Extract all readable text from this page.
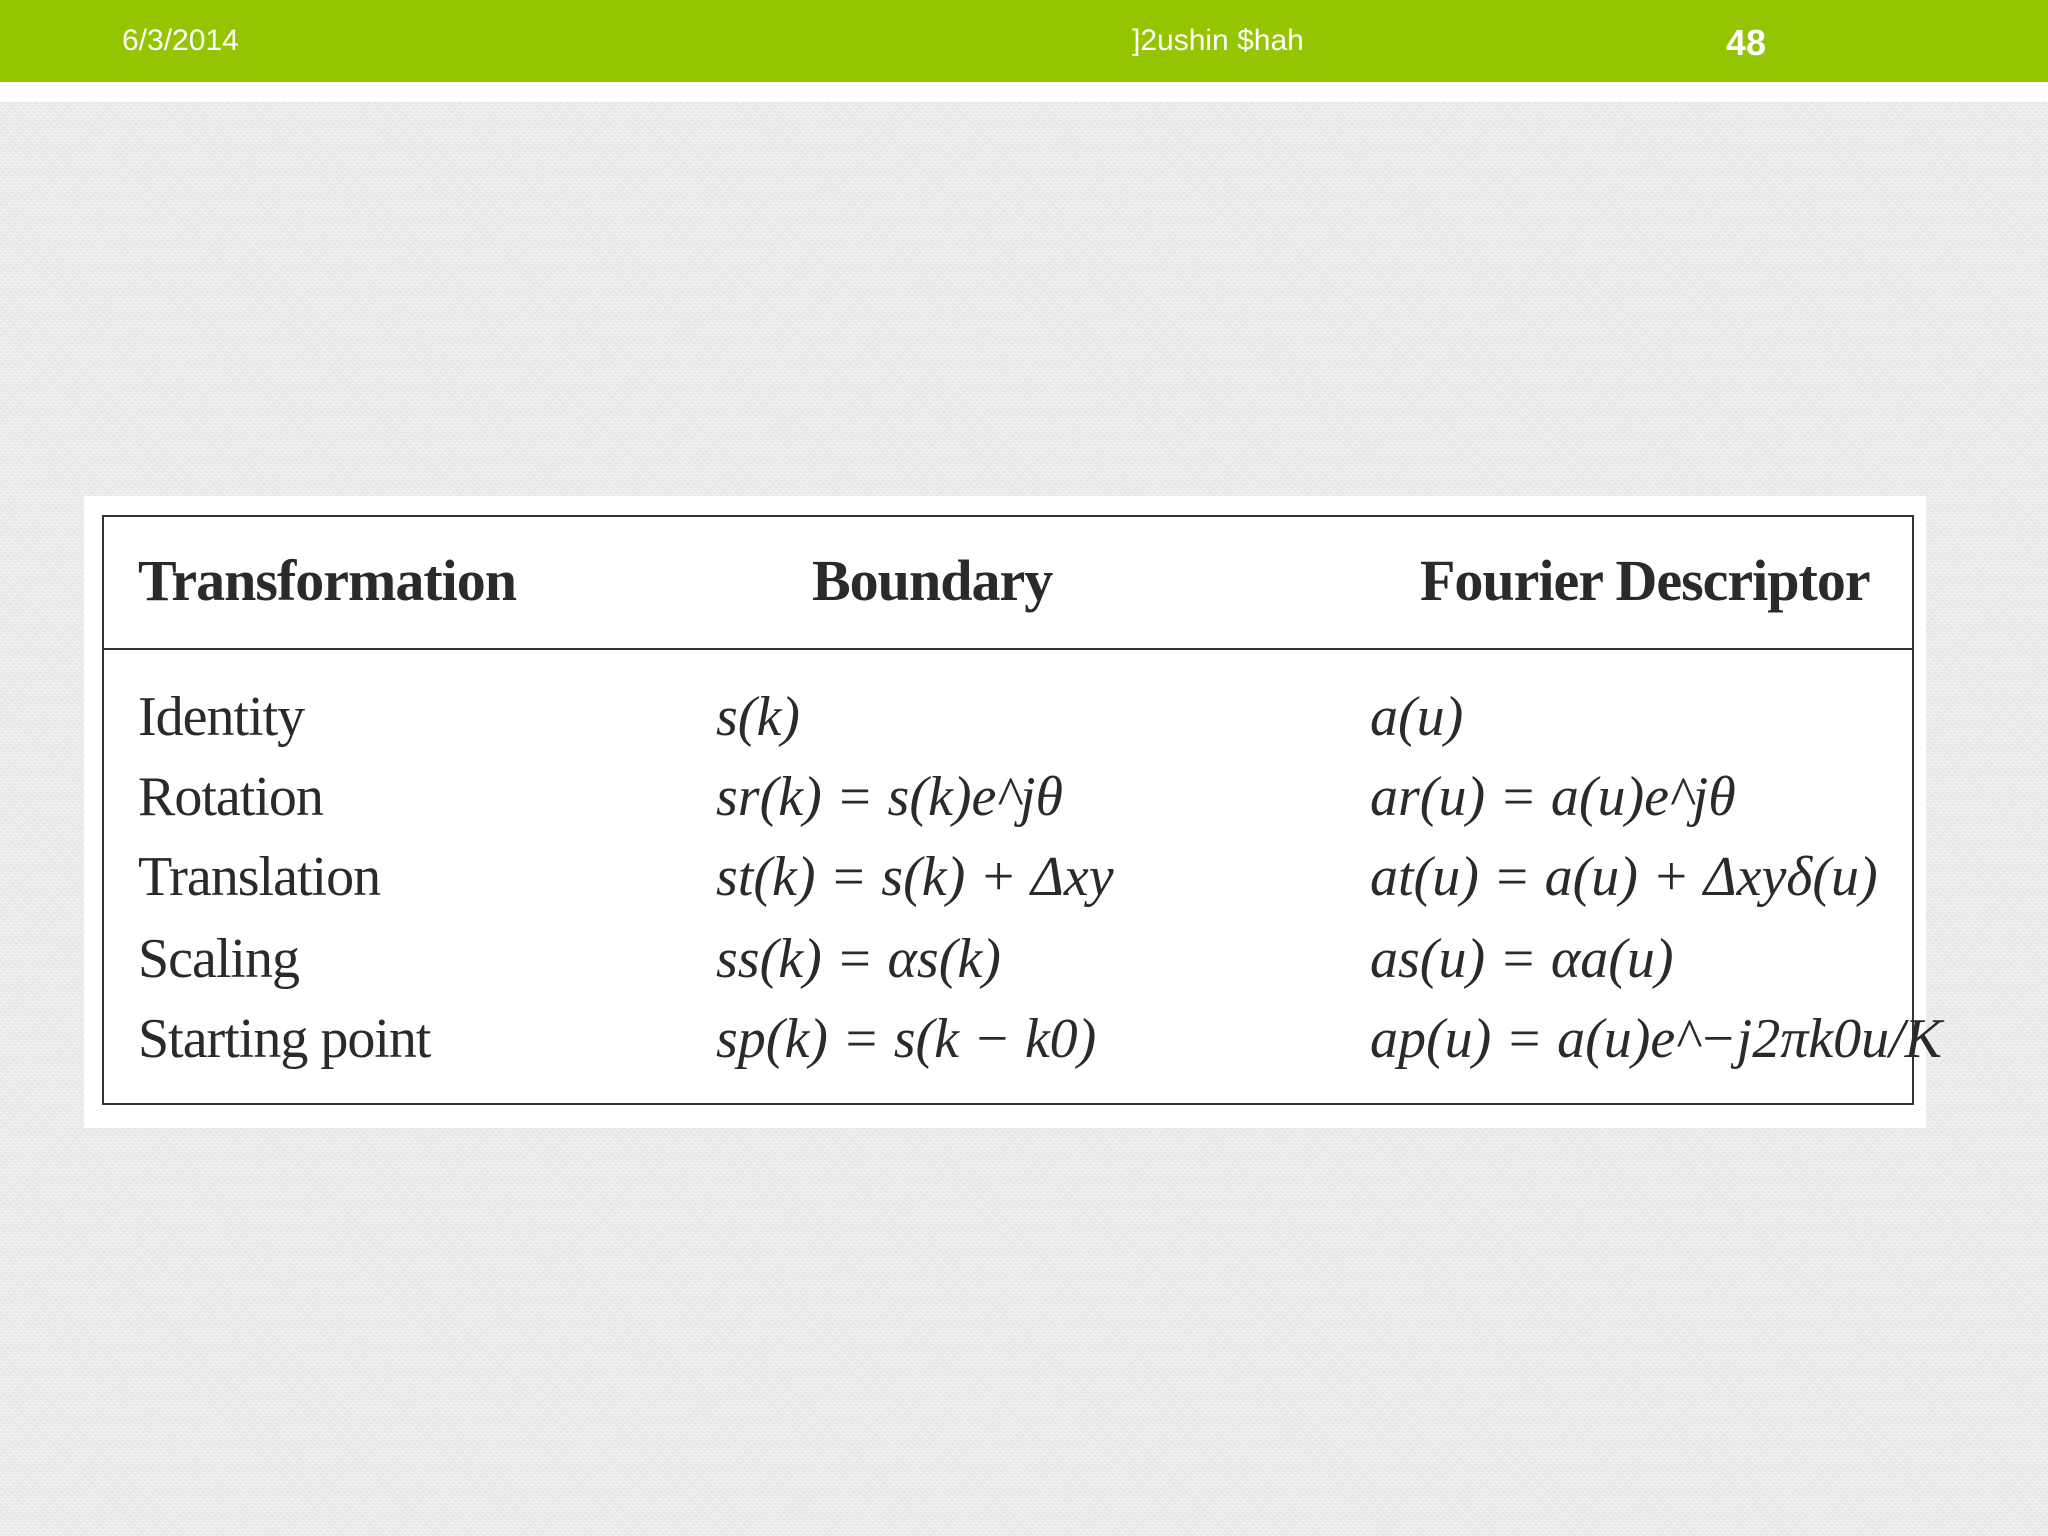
6/3/2014	]2ushin $hah	48
Transformation	Boundary	Fourier Descriptor
Identity	s(k)	a(u)
Rotation	sr(k) = s(k)e^jθ	ar(u) = a(u)e^jθ
Translation	st(k) = s(k) + Δxy	at(u) = a(u) + Δxyδ(u)
Scaling	ss(k) = αs(k)	as(u) = αa(u)
Starting point	sp(k) = s(k − k0)	ap(u) = a(u)e^−j2πk0u/K
